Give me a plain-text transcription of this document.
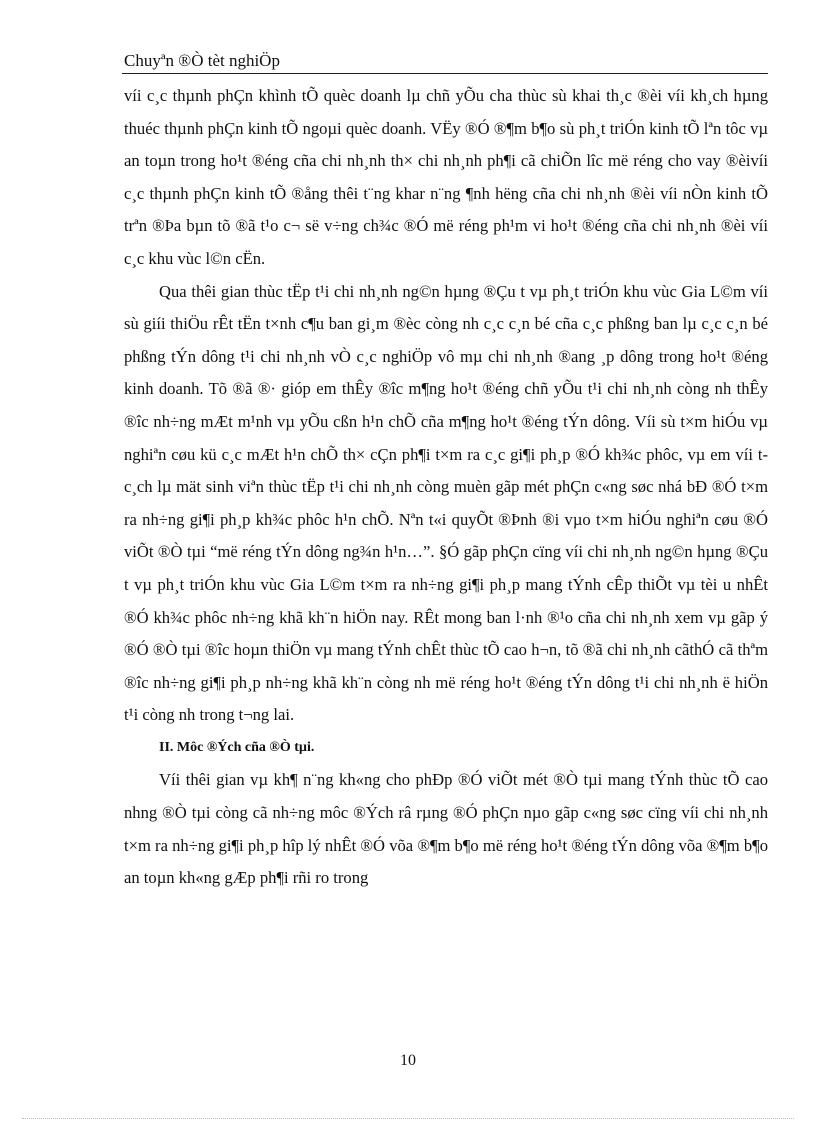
Chuyªn ®Ò tèt nghiÖp

víi c¸c thµnh phÇn khình tÕ quèc doanh lµ chñ yÕu cha thùc sù khai th¸c ®èi víi kh¸ch hµng thuéc thµnh phÇn kinh tÕ ngoµi quèc doanh. VËy ®Ó ®¶m b¶o sù ph¸t triÓn kinh tÕ lªn tôc vµ an toµn trong ho¹t ®éng cña chi nh¸nh th× chi nh¸nh ph¶i cã chiÕn lîc më réng cho vay ®èivíi c¸c thµnh phÇn kinh tÕ ®ång thêi t¨ng khar n¨ng ¶nh hëng cña chi nh¸nh ®èi víi nÒn kinh tÕ trªn ®Þa bµn tõ ®ã t¹o c¬ së v÷ng ch¾c ®Ó më réng ph¹m vi ho¹t ®éng cña chi nh¸nh ®èi víi c¸c khu vùc l©n cËn.

Qua thêi gian thùc tËp t¹i chi nh¸nh ng©n hµng ®Çu t vµ ph¸t triÓn khu vùc Gia L©m víi sù giíi thiÖu rÊt tËn t×nh c¶u ban gi¸m ®èc còng nh c¸c c¸n bé cña c¸c phßng ban lµ c¸c c¸n bé phßng tÝn dông t¹i chi nh¸nh vÒ c¸c nghiÖp vô mµ chi nh¸nh ®ang ¸p dông trong ho¹t ®éng kinh doanh. Tõ ®ã ®· gióp em thÊy ®îc m¶ng ho¹t ®éng chñ yÕu t¹i chi nh¸nh còng nh thÊy ®îc nh÷ng mÆt m¹nh vµ yÕu cßn h¹n chÕ cña m¶ng ho¹t ®éng tÝn dông. Víi sù t×m hiÓu vµ nghiªn cøu kü c¸c mÆt h¹n chÕ th× cÇn ph¶i t×m ra c¸c gi¶i ph¸p ®Ó kh¾c phôc, vµ em víi t c¸ch lµ mät sinh viªn thùc tËp t¹i chi nh¸nh còng muèn gãp mét phÇn c«ng søc nhá bÐ ®Ó t×m ra nh÷ng gi¶i ph¸p kh¾c phôc h¹n chÕ. Nªn t«i quyÕt ®Þnh ®i vµo t×m hiÓu nghiªn cøu ®Ó viÕt ®Ò tµi “më réng tÝn dông ng¾n h¹n…”. §Ó gãp phÇn cïng víi chi nh¸nh ng©n hµng ®Çu t vµ ph¸t triÓn khu vùc Gia L©m t×m ra nh÷ng gi¶i ph¸p mang tÝnh cÊp thiÕt vµ tèi u nhÊt ®Ó kh¾c phôc nh÷ng khã kh¨n hiÖn nay. RÊt mong ban l·nh ®¹o cña chi nh¸nh xem vµ gãp ý ®Ó ®Ò tµi ®îc hoµn thiÖn vµ mang tÝnh chÊt thùc tÕ cao h¬n, tõ ®ã chi nh¸nh cãthÓ cã thªm ®îc nh÷ng gi¶i ph¸p nh÷ng khã kh¨n còng nh më réng ho¹t ®éng tÝn dông t¹i chi nh¸nh ë hiÖn t¹i còng nh trong t¬ng lai.

II. Môc ®Ých cña ®Ò tµi.

Víi thêi gian vµ kh¶ n¨ng kh«ng cho phÐp ®Ó viÕt mét ®Ò tµi mang tÝnh thùc tÕ cao nhng ®Ò tµi còng cã nh÷ng môc ®Ých râ rµng ®Ó phÇn nµo gãp c«ng søc cïng víi chi nh¸nh t×m ra nh÷ng gi¶i ph¸p hîp lý nhÊt ®Ó võa ®¶m b¶o më réng ho¹t ®éng tÝn dông võa ®¶m b¶o an toµn kh«ng gÆp ph¶i rñi ro trong

10
